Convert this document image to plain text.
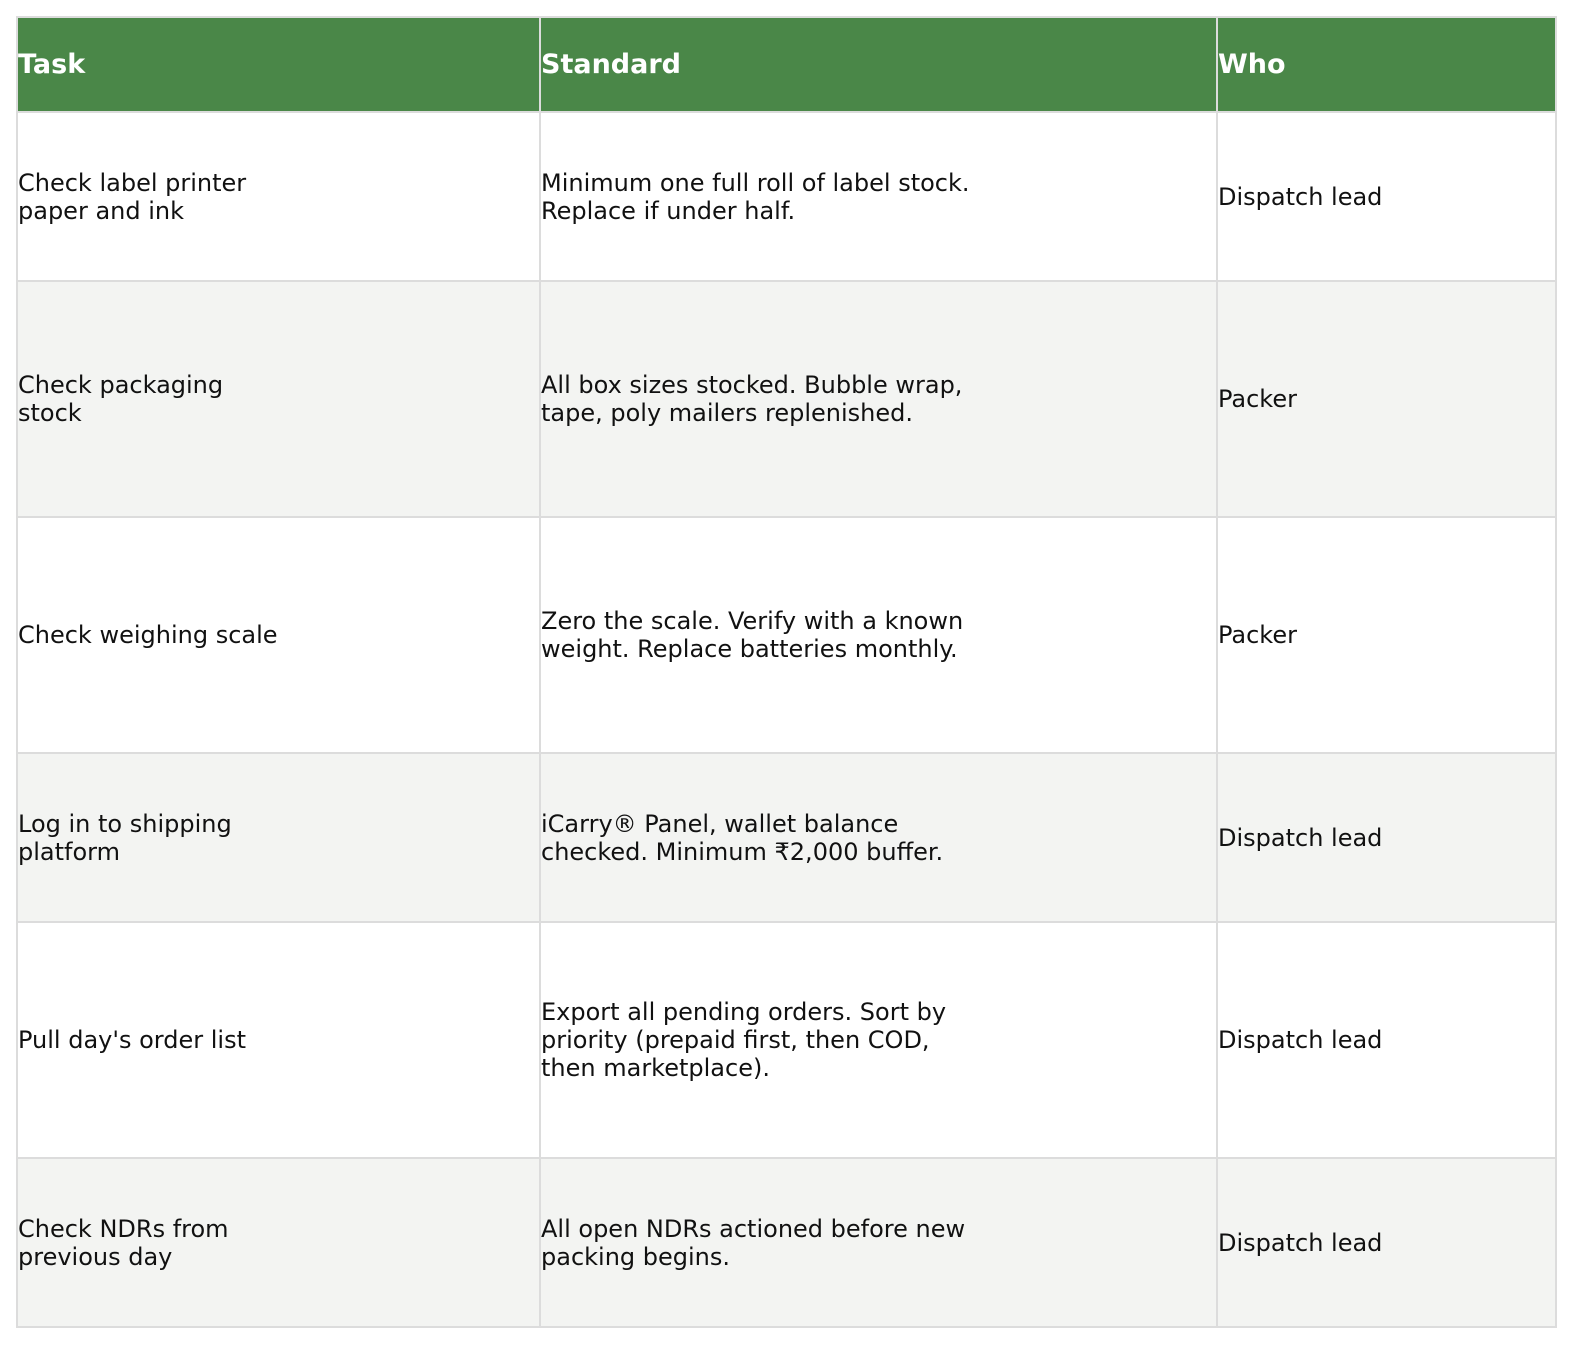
Task	Standard	Who

Check label printer paper and ink	Minimum one full roll of label stock. Replace if under half.	Dispatch lead

Check packaging stock	All box sizes stocked. Bubble wrap, tape, poly mailers replenished.	Packer

Check weighing scale	Zero the scale. Verify with a known weight. Replace batteries monthly.	Packer

Log in to shipping platform	iCarry® Panel, wallet balance checked. Minimum ₹2,000 buffer.	Dispatch lead

Pull day's order list	Export all pending orders. Sort by priority (prepaid first, then COD, then marketplace).	Dispatch lead

Check NDRs from previous day	All open NDRs actioned before new packing begins.	Dispatch lead
